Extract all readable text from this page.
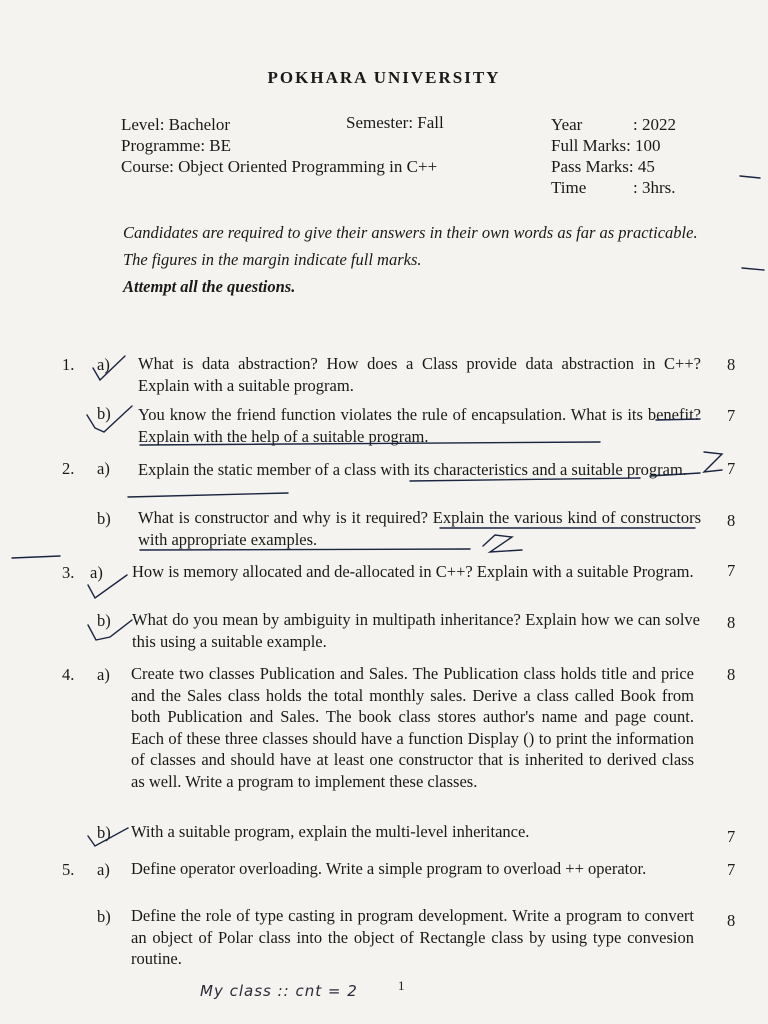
POKHARA UNIVERSITY
Level: Bachelor
Programme: BE
Course: Object Oriented Programming in C++
Semester: Fall	Year	: 2022
Full Marks: 100
Pass Marks: 45
Time	: 3hrs.

Candidates are required to give their answers in their own words as far as practicable.

The figures in the margin indicate full marks.

Attempt all the questions.

1. a) What is data abstraction? How does a Class provide data abstraction in C++? Explain with a suitable program.
8
b) You know the friend function violates the rule of encapsulation. What is its benefit? Explain with the help of a suitable program.
7
2. a) Explain the static member of a class with its characteristics and a suitable program.	7
b) What is constructor and why is it required? Explain the various kind of constructors with appropriate examples.
8
3. a) How is memory allocated and de-allocated in C++? Explain with a suitable Program.	7
b) What do you mean by ambiguity in multipath inheritance? Explain how we can solve this using a suitable example.
8
4. a) Create two classes Publication and Sales. The Publication class holds title and price and the Sales class holds the total monthly sales. Derive a class called Book from both Publication and Sales. The book class stores author's name and page count. Each of these three classes should have a function Display () to print the information of classes and should have at least one constructor that is inherited to derived class as well. Write a program to implement these classes.
8
b) With a suitable program, explain the multi-level inheritance.	7
5. a) Define operator overloading. Write a simple program to overload ++ operator.	7
b) Define the role of type casting in program development. Write a program to convert an object of Polar class into the object of Rectangle class by using type convesion routine.
8
My class :: cnt = 2	1
